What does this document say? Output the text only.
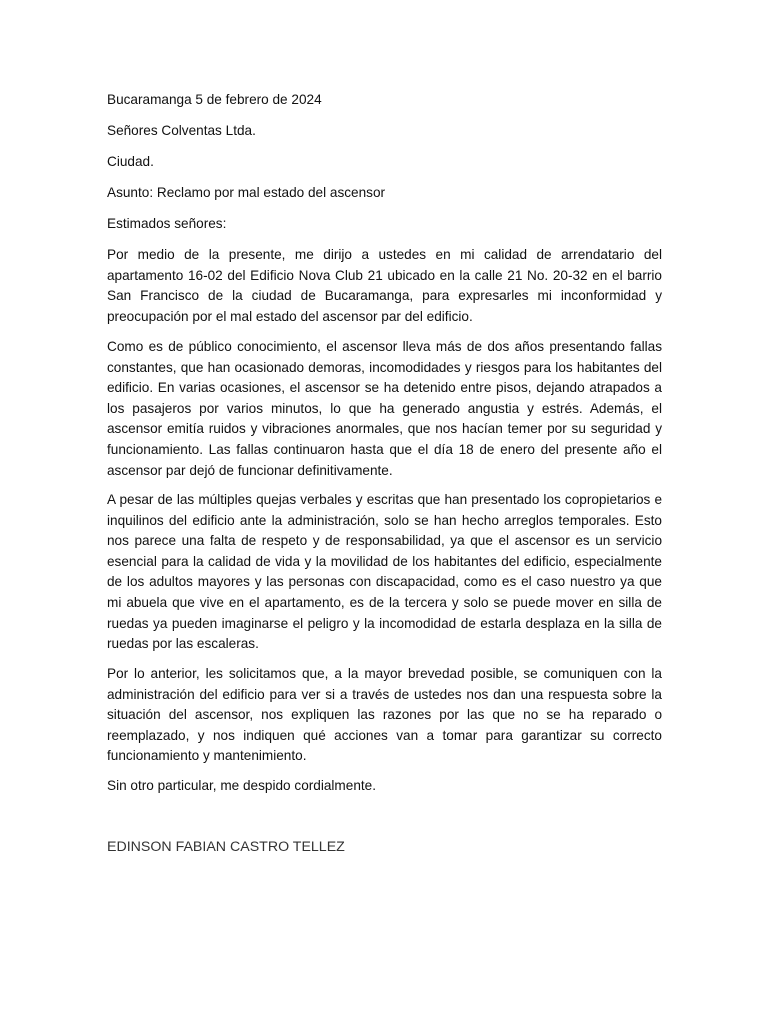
Bucaramanga 5 de febrero de 2024
Señores Colventas Ltda.
Ciudad.
Asunto: Reclamo por mal estado del ascensor
Estimados señores:
Por medio de la presente, me dirijo a ustedes en mi calidad de arrendatario del apartamento 16-02 del Edificio Nova Club 21 ubicado en la calle 21 No. 20-32 en el barrio San Francisco de la ciudad de Bucaramanga, para expresarles mi inconformidad y preocupación por el mal estado del ascensor par del edificio.
Como es de público conocimiento, el ascensor lleva más de dos años presentando fallas constantes, que han ocasionado demoras, incomodidades y riesgos para los habitantes del edificio. En varias ocasiones, el ascensor se ha detenido entre pisos, dejando atrapados a los pasajeros por varios minutos, lo que ha generado angustia y estrés. Además, el ascensor emitía ruidos y vibraciones anormales, que nos hacían temer por su seguridad y funcionamiento. Las fallas continuaron hasta que el día 18 de enero del presente año el ascensor par dejó de funcionar definitivamente.
A pesar de las múltiples quejas verbales y escritas que han presentado los copropietarios e inquilinos del edificio ante la administración, solo se han hecho arreglos temporales. Esto nos parece una falta de respeto y de responsabilidad, ya que el ascensor es un servicio esencial para la calidad de vida y la movilidad de los habitantes del edificio, especialmente de los adultos mayores y las personas con discapacidad, como es el caso nuestro ya que mi abuela que vive en el apartamento, es de la tercera y solo se puede mover en silla de ruedas ya pueden imaginarse el peligro y la incomodidad de estarla desplaza en la silla de ruedas por las escaleras.
Por lo anterior, les solicitamos que, a la mayor brevedad posible, se comuniquen con la administración del edificio para ver si a través de ustedes nos dan una respuesta sobre la situación del ascensor, nos expliquen las razones por las que no se ha reparado o reemplazado, y nos indiquen qué acciones van a tomar para garantizar su correcto funcionamiento y mantenimiento.
Sin otro particular, me despido cordialmente.
EDINSON FABIAN CASTRO TELLEZ
